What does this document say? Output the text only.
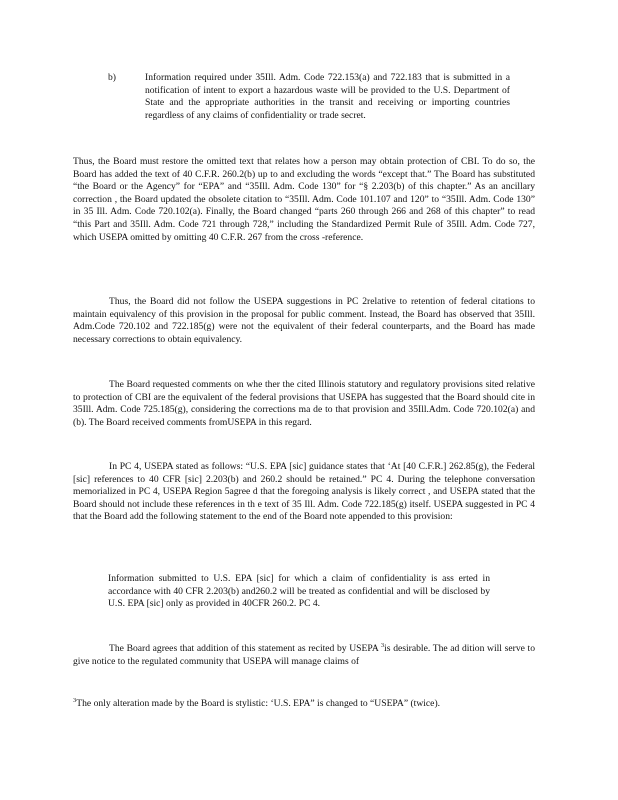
b)	Information required under 35Ill. Adm. Code 722.153(a) and 722.183 that is submitted in a notification of intent to export a hazardous waste will be provided to the U.S. Department of State and the appropriate authorities in the transit and receiving or importing countries regardless of any claims of confidentiality or trade secret.

Thus, the Board must restore the omitted text that relates how a person may obtain protection of CBI. To do so, the Board has added the text of 40 C.F.R. 260.2(b) up to and excluding the words “except that.” The Board has substituted “the Board or the Agency” for “EPA” and “35Ill. Adm. Code 130” for “§ 2.203(b) of this chapter.” As an ancillary correction , the Board updated the obsolete citation to “35Ill. Adm. Code 101.107 and 120” to “35Ill. Adm. Code 130” in 35 Ill. Adm. Code 720.102(a). Finally, the Board changed “parts 260 through 266 and 268 of this chapter” to read “this Part and 35Ill. Adm. Code 721 through 728,” including the Standardized Permit Rule of 35Ill. Adm. Code 727, which USEPA omitted by omitting 40 C.F.R. 267 from the cross -reference.

Thus, the Board did not follow the USEPA suggestions in PC 2relative to retention of federal citations to maintain equivalency of this provision in the proposal for public comment. Instead, the Board has observed that 35Ill. Adm.Code 720.102 and 722.185(g) were not the equivalent of their federal counterparts, and the Board has made necessary corrections to obtain equivalency.

The Board requested comments on whe ther the cited Illinois statutory and regulatory provisions sited relative to protection of CBI are the equivalent of the federal provisions that USEPA has suggested that the Board should cite in 35Ill. Adm. Code 725.185(g), considering the corrections ma de to that provision and 35Ill.Adm. Code 720.102(a) and (b). The Board received comments fromUSEPA in this regard.

In PC 4, USEPA stated as follows: “U.S. EPA [sic] guidance states that ‘At [40 C.F.R.] 262.85(g), the Federal [sic] references to 40 CFR [sic] 2.203(b) and 260.2 should be retained.” PC 4. During the telephone conversation memorialized in PC 4, USEPA Region 5agree d that the foregoing analysis is likely correct , and USEPA stated that the Board should not include these references in th e text of 35 Ill. Adm. Code 722.185(g) itself. USEPA suggested in PC 4 that the Board add the following statement to the end of the Board note appended to this provision:

Information submitted to U.S. EPA [sic] for which a claim of confidentiality is ass erted in accordance with 40 CFR 2.203(b) and260.2 will be treated as confidential and will be disclosed by U.S. EPA [sic] only as provided in 40CFR 260.2. PC 4.

The Board agrees that addition of this statement as recited by USEPA $^3$is desirable. The ad dition will serve to give notice to the regulated community that USEPA will manage claims of

$^3$The only alteration made by the Board is stylistic: ‘U.S. EPA” is changed to “USEPA” (twice).
